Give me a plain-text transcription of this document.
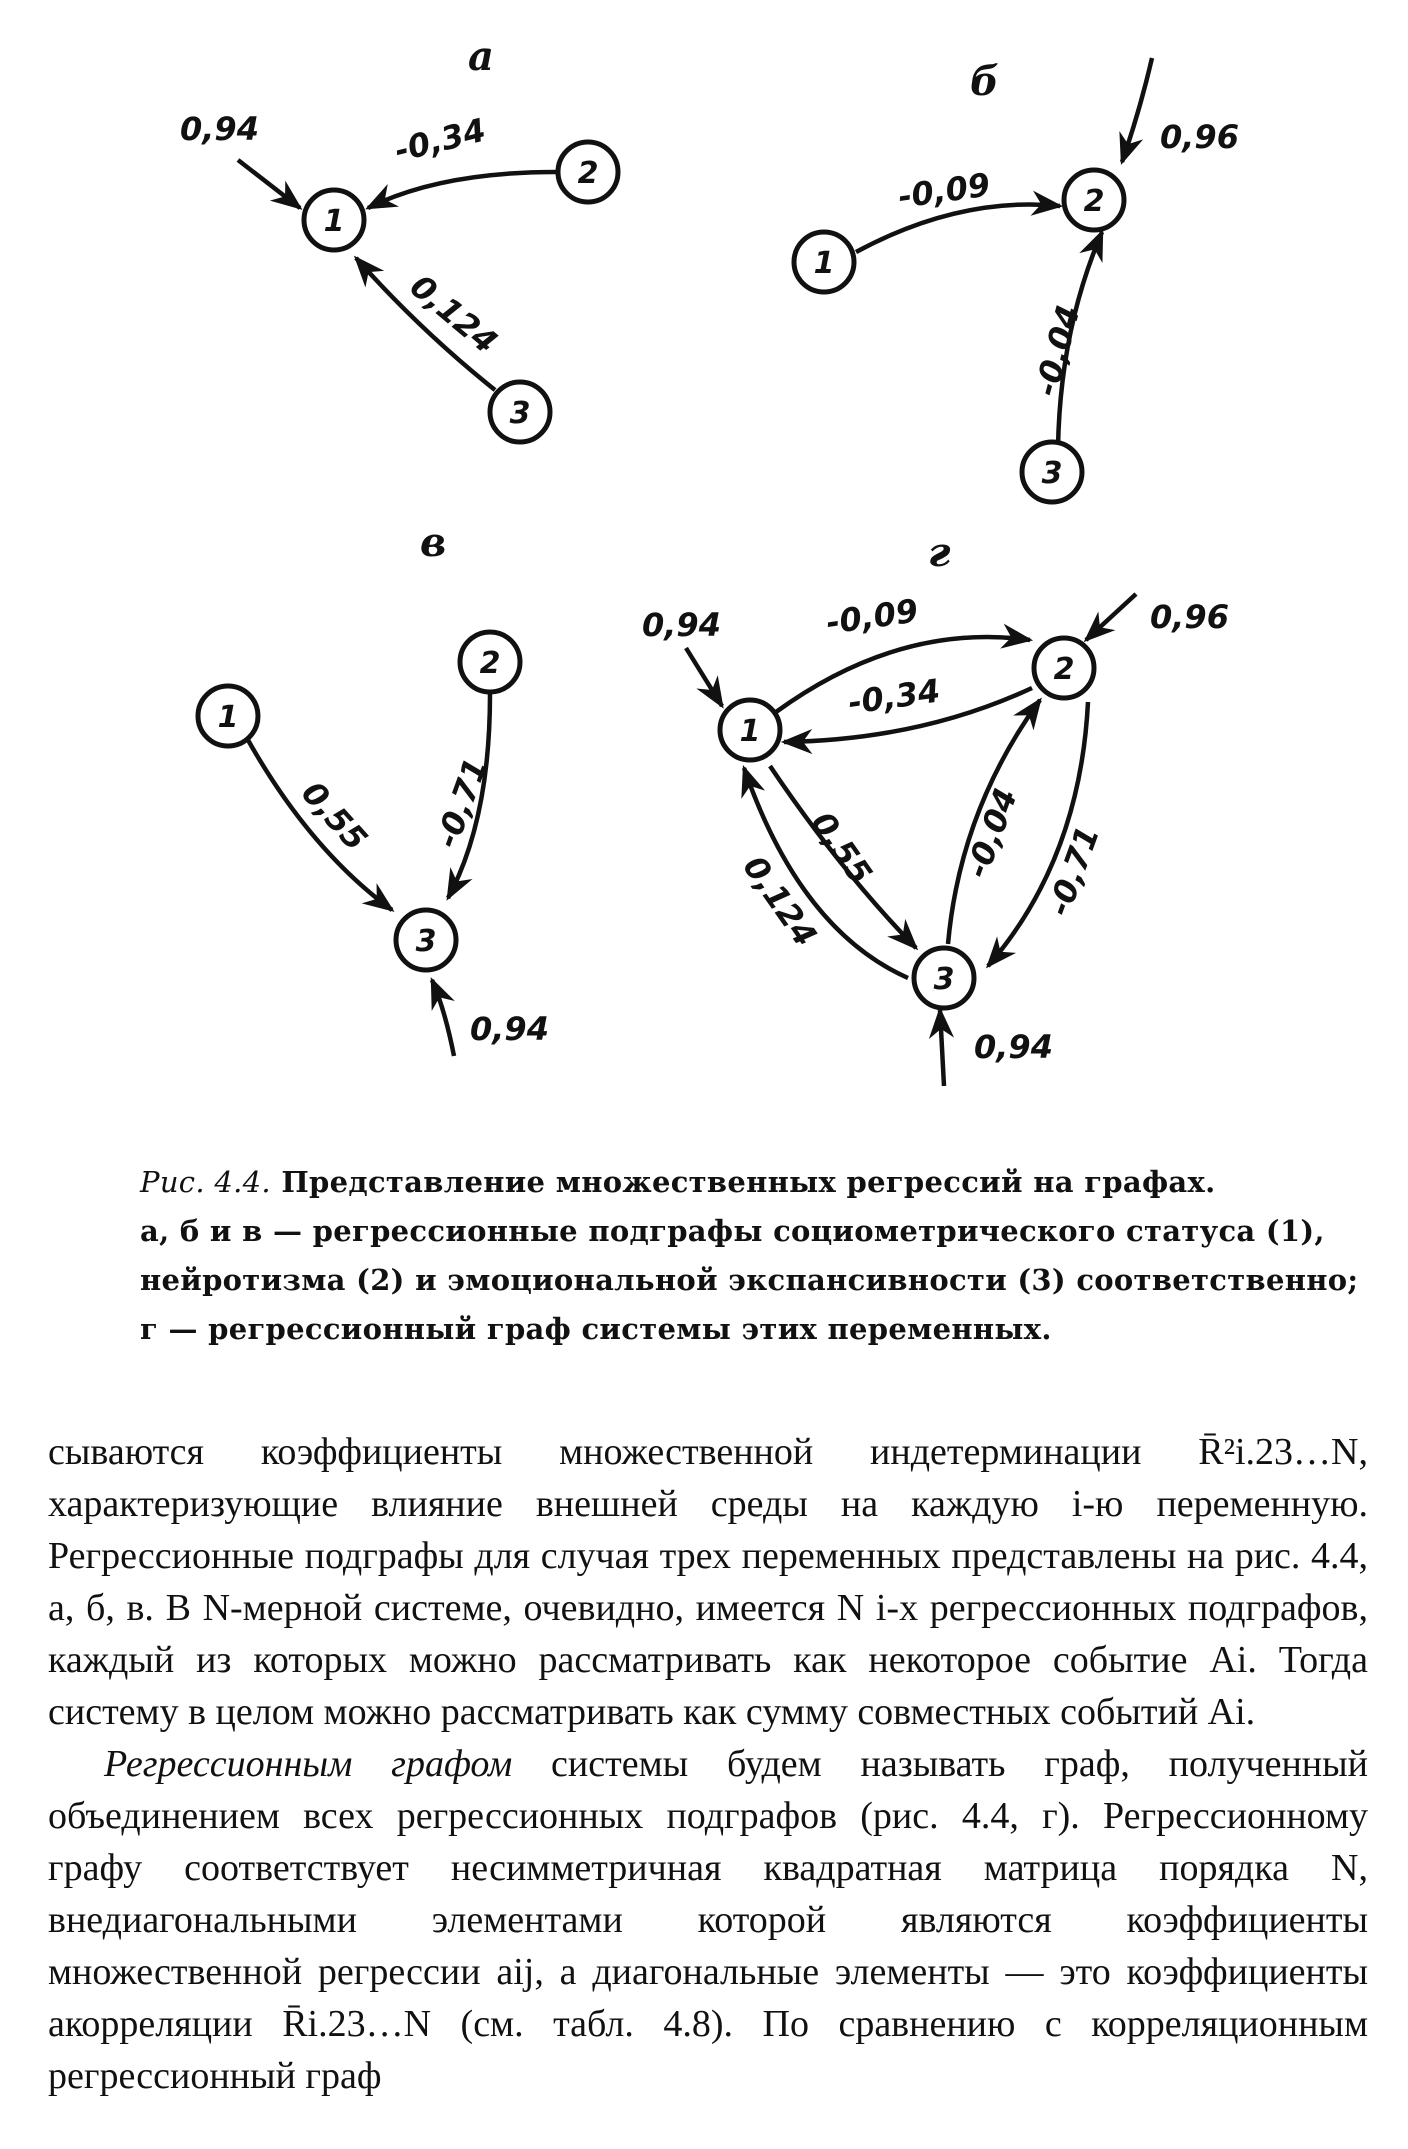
а
1
2
3
0,94	-0,34
0,124
б
1
2
3
0,96
-0,09
-0,04
в
1
2
3
0,55 -0,71
0,94
г
1
2
3
0,94	0,96
0,94
-0,09
-0,34
0,55
0,124
-0,04 -0,71

Рис. 4.4. Представление множественных регрессий на графах.

а, б и в — регрессионные подграфы социометрического статуса (1),

нейротизма (2) и эмоциональной экспансивности (3) соответственно;

г — регрессионный граф системы этих переменных.

сываются коэффициенты множественной индетерминации R̄²i.23…N, характеризующие влияние внешней среды на каждую i-ю переменную. Регрессионные подграфы для случая трех переменных представлены на рис. 4.4, а, б, в. В N-мерной системе, очевидно, имеется N i-х регрессионных подграфов, каждый из которых можно рассматривать как некоторое событие Ai. Тогда систему в целом можно рассматривать как сумму совместных событий Ai.

Регрессионным графом системы будем называть граф, полученный объединением всех регрессионных подграфов (рис. 4.4, г). Регрессионному графу соответствует несимметричная квадратная матрица порядка N, внедиагональными элементами которой являются коэффициенты множественной регрессии aij, а диагональные элементы — это коэффициенты акорреляции R̄i.23…N (см. табл. 4.8). По сравнению с корреляционным регрессионный граф
